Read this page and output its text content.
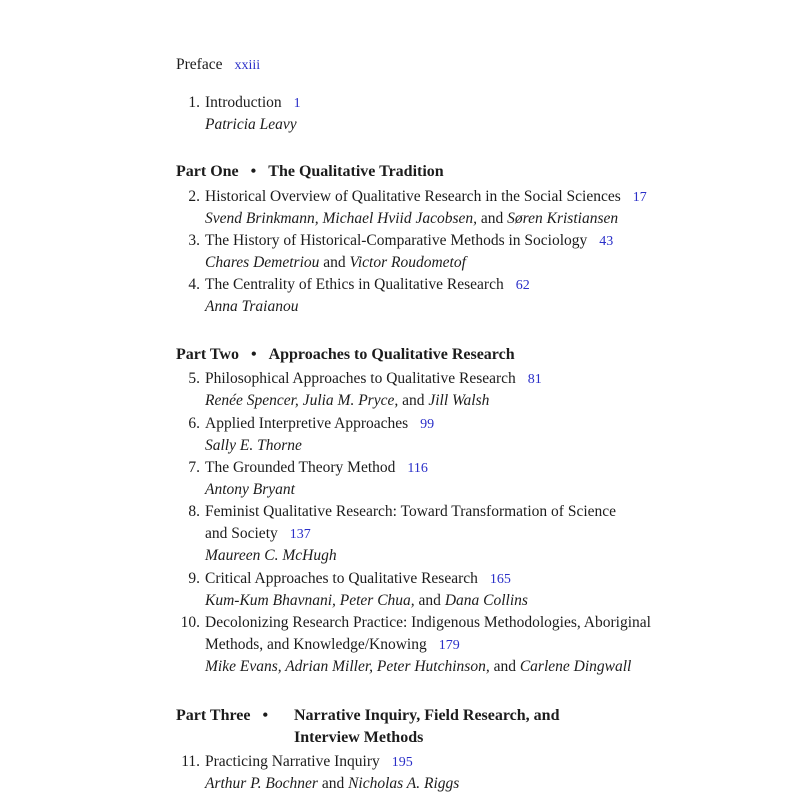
Preface xxiii
1. Introduction 1
Patricia Leavy
Part One • The Qualitative Tradition
2. Historical Overview of Qualitative Research in the Social Sciences 17
Svend Brinkmann, Michael Hviid Jacobsen, and Søren Kristiansen
3. The History of Historical-Comparative Methods in Sociology 43
Chares Demetriou and Victor Roudometof
4. The Centrality of Ethics in Qualitative Research 62
Anna Traianou
Part Two • Approaches to Qualitative Research
5. Philosophical Approaches to Qualitative Research 81
Renée Spencer, Julia M. Pryce, and Jill Walsh
6. Applied Interpretive Approaches 99
Sally E. Thorne
7. The Grounded Theory Method 116
Antony Bryant
8. Feminist Qualitative Research: Toward Transformation of Science
and Society 137
Maureen C. McHugh
9. Critical Approaches to Qualitative Research 165
Kum-Kum Bhavnani, Peter Chua, and Dana Collins
10. Decolonizing Research Practice: Indigenous Methodologies, Aboriginal
Methods, and Knowledge/Knowing 179
Mike Evans, Adrian Miller, Peter Hutchinson, and Carlene Dingwall
Part Three •	Narrative Inquiry, Field Research, and
Interview Methods
11. Practicing Narrative Inquiry 195
Arthur P. Bochner and Nicholas A. Riggs
